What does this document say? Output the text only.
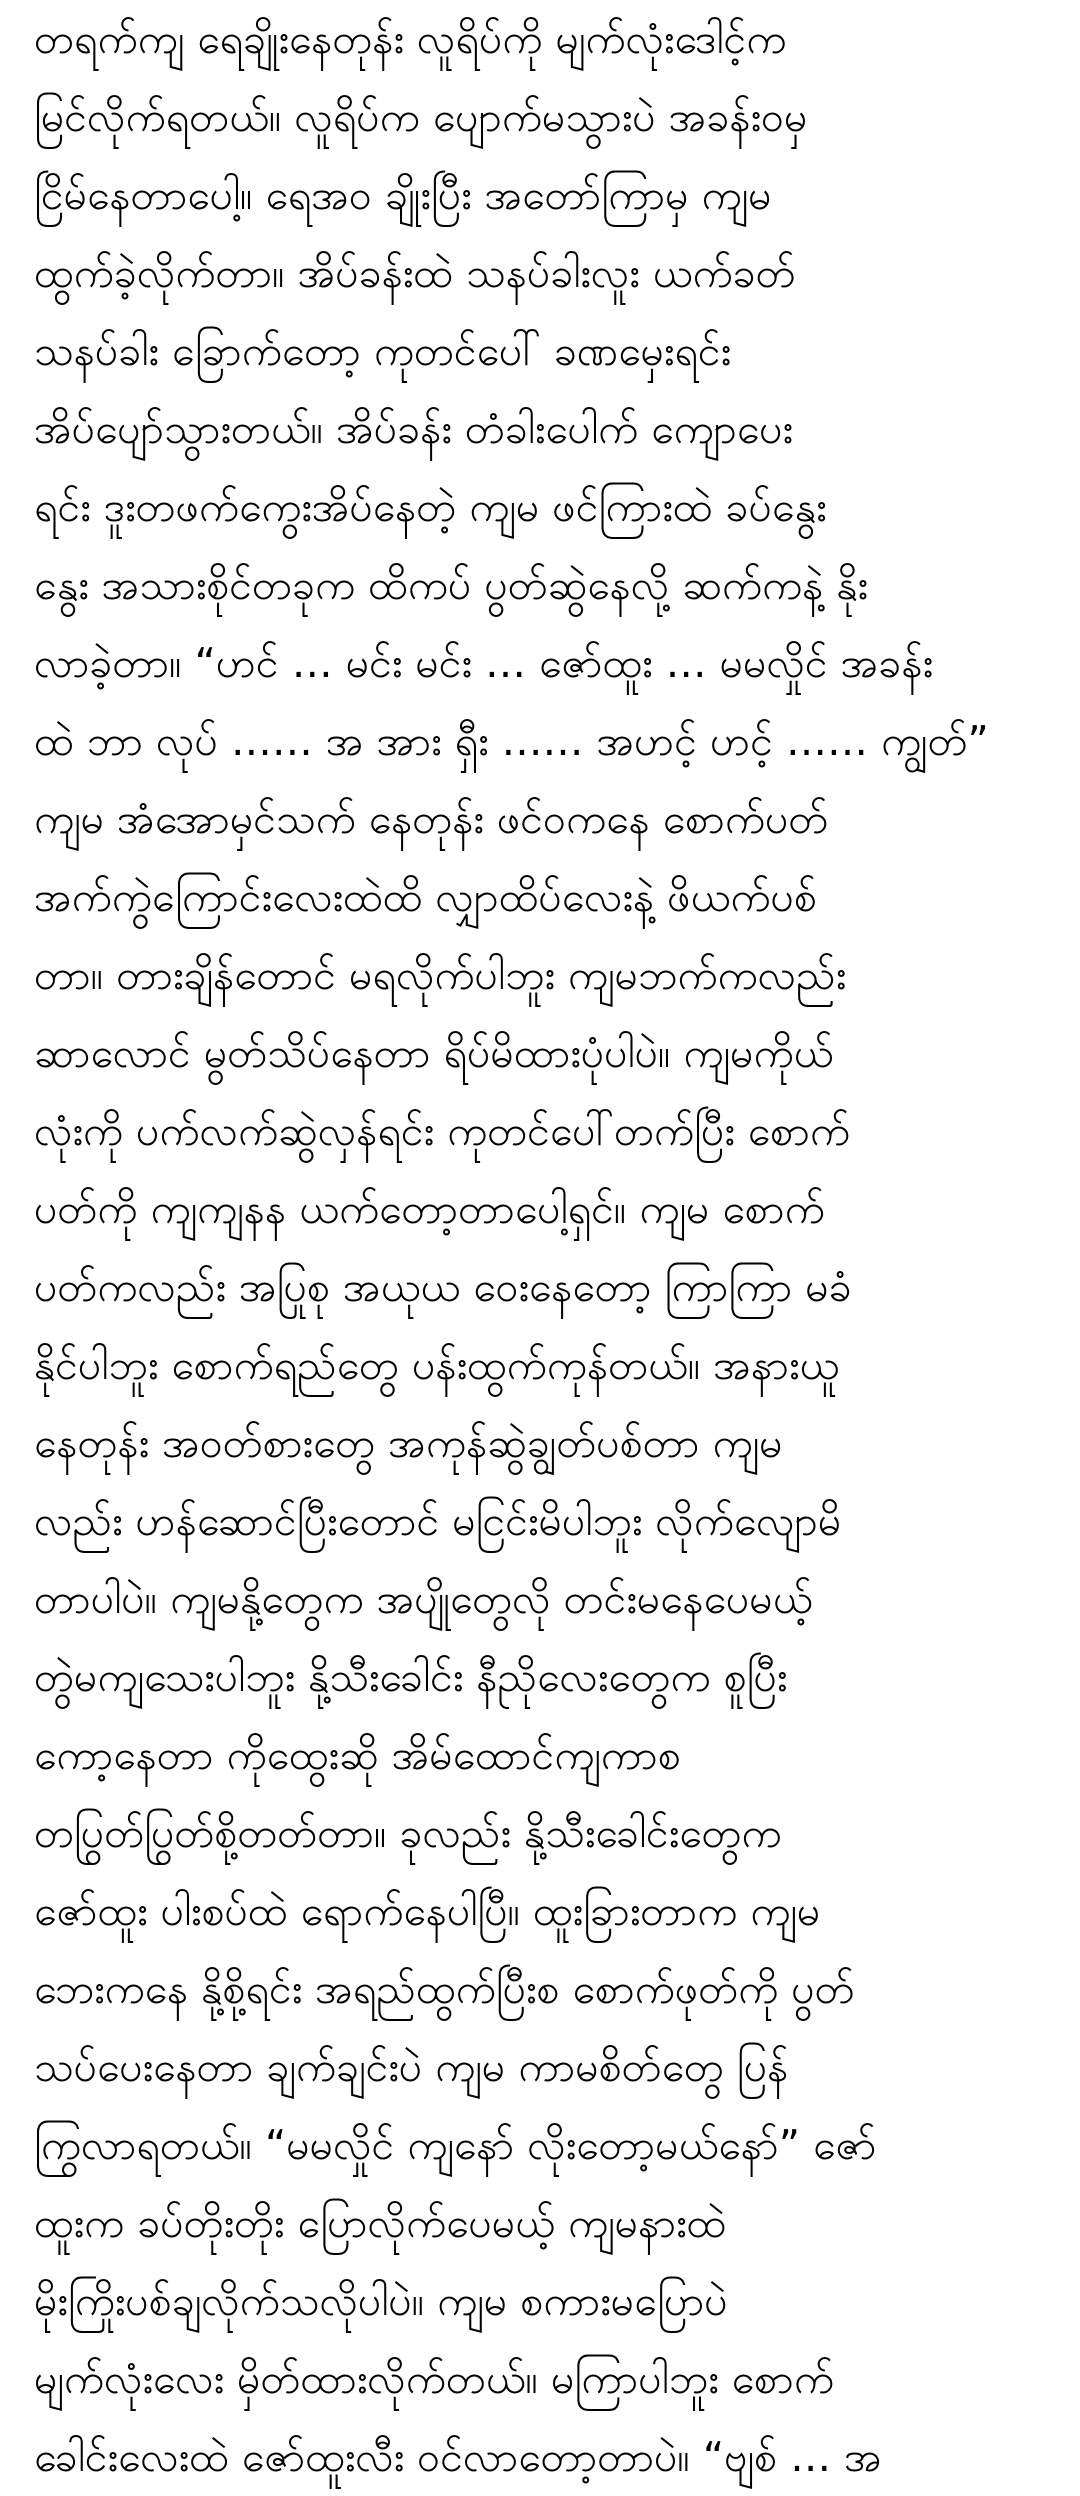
တရက်ကျ ရေချိုးနေတုန်း လူရိပ်ကို မျက်လုံးဒေါင့်က
မြင်လိုက်ရတယ်။ လူရိပ်က ပျောက်မသွားပဲ အခန်းဝမှ
ငြိမ်နေတာပေါ့။ ရေအဝ ချိုးပြီး အတော်ကြာမှ ကျမ
ထွက်ခဲ့လိုက်တာ။ အိပ်ခန်းထဲ သနပ်ခါးလူး ယက်ခတ်
သနပ်ခါး ခြောက်တော့ ကုတင်ပေါ် ခဏမှေးရင်း
အိပ်ပျော်သွားတယ်။ အိပ်ခန်း တံခါးပေါက် ကျောပေး
ရင်း ဒူးတဖက်ကွေးအိပ်နေတဲ့ ကျမ ဖင်ကြားထဲ ခပ်နွေး
နွေး အသားစိုင်တခုက ထိကပ် ပွတ်ဆွဲနေလို့ ဆက်ကနဲ့ နိုး
လာခဲ့တာ။ “ဟင် … မင်း မင်း … ဇော်ထူး … မမလှိုင် အခန်း
ထဲ ဘာ လုပ် …… အ အား ရှီး …… အဟင့် ဟင့် …… ကျွတ်”
ကျမ အံအောမှင်သက် နေတုန်း ဖင်ဝကနေ စောက်ပတ်
အက်ကွဲကြောင်းလေးထဲထိ လျှာထိပ်လေးနဲ့ ဖိယက်ပစ်
တာ။ တားချိန်တောင် မရလိုက်ပါဘူး ကျမဘက်ကလည်း
ဆာလောင် မွတ်သိပ်နေတာ ရိပ်မိထားပုံပါပဲ။ ကျမကိုယ်
လုံးကို ပက်လက်ဆွဲလှန်ရင်း ကုတင်ပေါ်တက်ပြီး စောက်
ပတ်ကို ကျကျနန ယက်တော့တာပေါ့ရှင်။ ကျမ စောက်
ပတ်ကလည်း အပြုစု အယုယ ဝေးနေတော့ ကြာကြာ မခံ
နိုင်ပါဘူး စောက်ရည်တွေ ပန်းထွက်ကုန်တယ်။ အနားယူ
နေတုန်း အဝတ်စားတွေ အကုန်ဆွဲချွတ်ပစ်တာ ကျမ
လည်း ဟန်ဆောင်ပြီးတောင် မငြင်းမိပါဘူး လိုက်လျောမိ
တာပါပဲ။ ကျမနို့တွေက အပျိုတွေလို တင်းမနေပေမယ့်
တွဲမကျသေးပါဘူး နို့သီးခေါင်း နီညိုလေးတွေက စူပြီး
ကော့နေတာ ကိုထွေးဆို အိမ်ထောင်ကျကာစ
တပြွတ်ပြွတ်စို့တတ်တာ။ ခုလည်း နို့သီးခေါင်းတွေက
ဇော်ထူး ပါးစပ်ထဲ ရောက်နေပါပြီ။ ထူးခြားတာက ကျမ
ဘေးကနေ နို့စို့ရင်း အရည်ထွက်ပြီးစ စောက်ဖုတ်ကို ပွတ်
သပ်ပေးနေတာ ချက်ချင်းပဲ ကျမ ကာမစိတ်တွေ ပြန်
ကြွလာရတယ်။ “မမလှိုင် ကျနော် လိုးတော့မယ်နော်” ဇော်
ထူးက ခပ်တိုးတိုး ပြောလိုက်ပေမယ့် ကျမနားထဲ
မိုးကြိုးပစ်ချလိုက်သလိုပါပဲ။ ကျမ စကားမပြောပဲ
မျက်လုံးလေး မှိတ်ထားလိုက်တယ်။ မကြာပါဘူး စောက်
ခေါင်းလေးထဲ ဇော်ထူးလီး ဝင်လာတော့တာပဲ။ “ဗျစ် … အ
